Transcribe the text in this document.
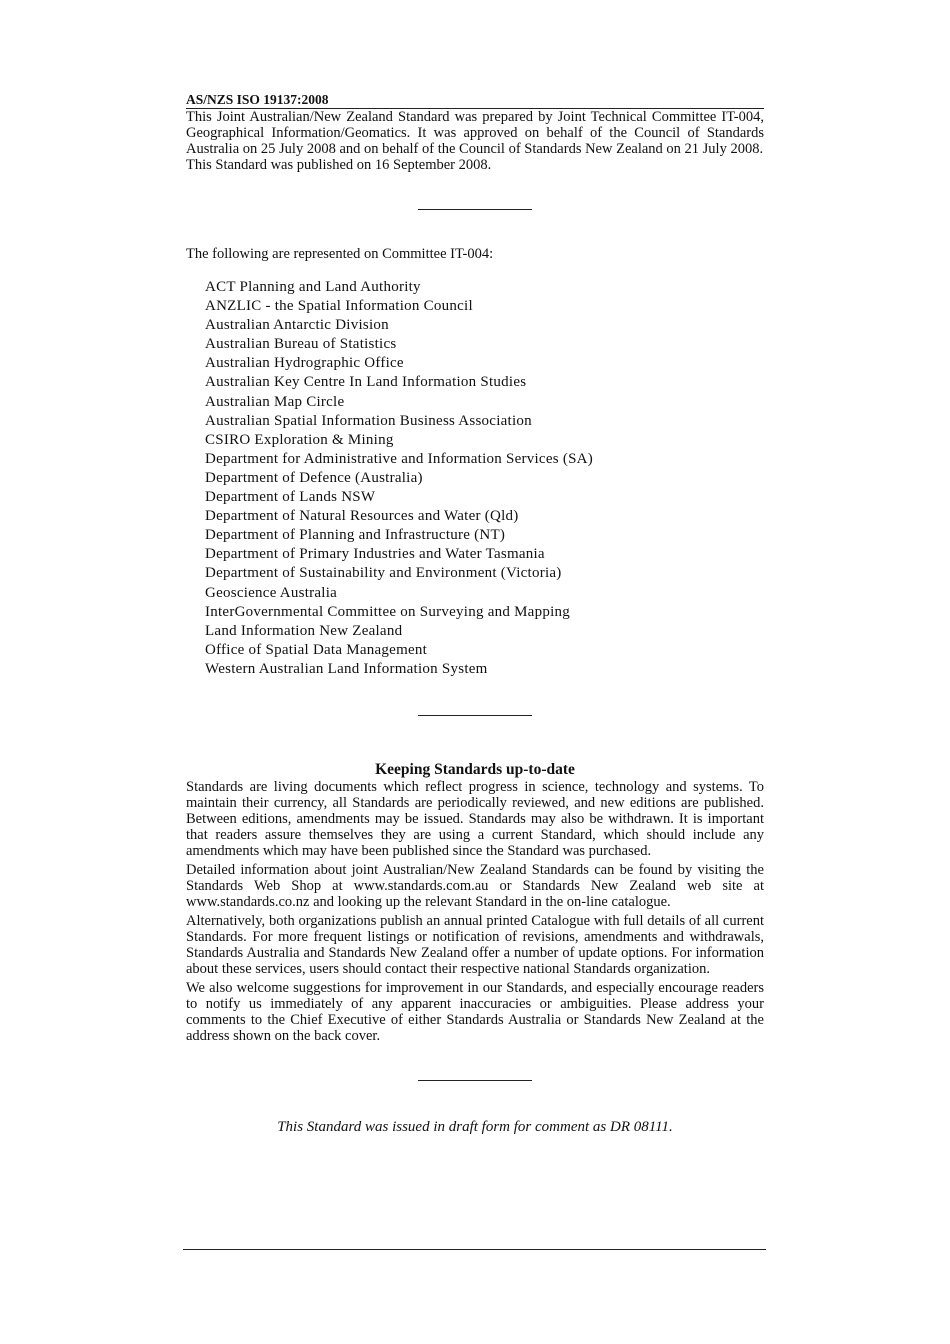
AS/NZS ISO 19137:2008

This Joint Australian/New Zealand Standard was prepared by Joint Technical Committee IT-004, Geographical Information/Geomatics. It was approved on behalf of the Council of Standards Australia on 25 July 2008 and on behalf of the Council of Standards New Zealand on 21 July 2008.

This Standard was published on 16 September 2008.

The following are represented on Committee IT-004:

ACT Planning and Land Authority
ANZLIC - the Spatial Information Council
Australian Antarctic Division
Australian Bureau of Statistics
Australian Hydrographic Office
Australian Key Centre In Land Information Studies
Australian Map Circle
Australian Spatial Information Business Association
CSIRO Exploration & Mining
Department for Administrative and Information Services (SA)
Department of Defence (Australia)
Department of Lands NSW
Department of Natural Resources and Water (Qld)
Department of Planning and Infrastructure (NT)
Department of Primary Industries and Water Tasmania
Department of Sustainability and Environment (Victoria)
Geoscience Australia
InterGovernmental Committee on Surveying and Mapping
Land Information New Zealand
Office of Spatial Data Management
Western Australian Land Information System
Keeping Standards up-to-date

Standards are living documents which reflect progress in science, technology and systems. To maintain their currency, all Standards are periodically reviewed, and new editions are published. Between editions, amendments may be issued. Standards may also be withdrawn. It is important that readers assure themselves they are using a current Standard, which should include any amendments which may have been published since the Standard was purchased.

Detailed information about joint Australian/New Zealand Standards can be found by visiting the Standards Web Shop at www.standards.com.au or Standards New Zealand web site at www.standards.co.nz and looking up the relevant Standard in the on-line catalogue.

Alternatively, both organizations publish an annual printed Catalogue with full details of all current Standards. For more frequent listings or notification of revisions, amendments and withdrawals, Standards Australia and Standards New Zealand offer a number of update options. For information about these services, users should contact their respective national Standards organization.

We also welcome suggestions for improvement in our Standards, and especially encourage readers to notify us immediately of any apparent inaccuracies or ambiguities. Please address your comments to the Chief Executive of either Standards Australia or Standards New Zealand at the address shown on the back cover.

This Standard was issued in draft form for comment as DR 08111.
